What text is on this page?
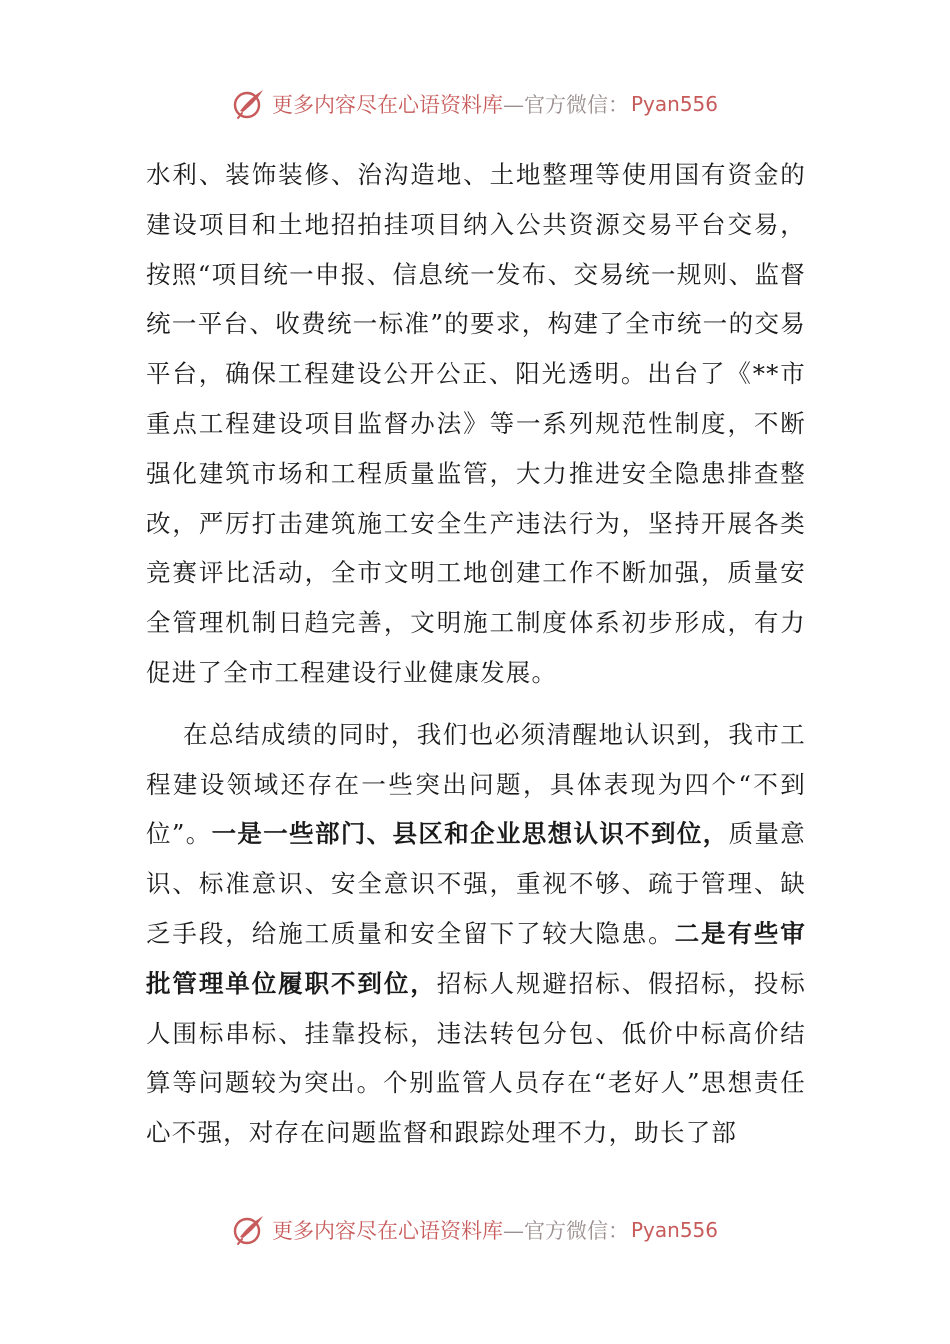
更多内容尽在心语资料库 —官方微信： Pyan556

水利、装饰装修、治沟造地、土地整理等使用国有资金的建设项目和土地招拍挂项目纳入公共资源交易平台交易，按照“项目统一申报、信息统一发布、交易统一规则、监督统一平台、收费统一标准”的要求，构建了全市统一的交易平台，确保工程建设公开公正、阳光透明。出台了《**市重点工程建设项目监督办法》等一系列规范性制度，不断强化建筑市场和工程质量监管，大力推进安全隐患排查整改，严厉打击建筑施工安全生产违法行为，坚持开展各类竞赛评比活动，全市文明工地创建工作不断加强，质量安全管理机制日趋完善，文明施工制度体系初步形成，有力促进了全市工程建设行业健康发展。

在总结成绩的同时，我们也必须清醒地认识到，我市工程建设领域还存在一些突出问题，具体表现为四个“不到位”。一是一些部门、县区和企业思想认识不到位，质量意识、标准意识、安全意识不强，重视不够、疏于管理、缺乏手段，给施工质量和安全留下了较大隐患。二是有些审批管理单位履职不到位，招标人规避招标、假招标，投标人围标串标、挂靠投标，违法转包分包、低价中标高价结算等问题较为突出。个别监管人员存在“老好人”思想责任心不强，对存在问题监督和跟踪处理不力，助长了部

更多内容尽在心语资料库 —官方微信： Pyan556
